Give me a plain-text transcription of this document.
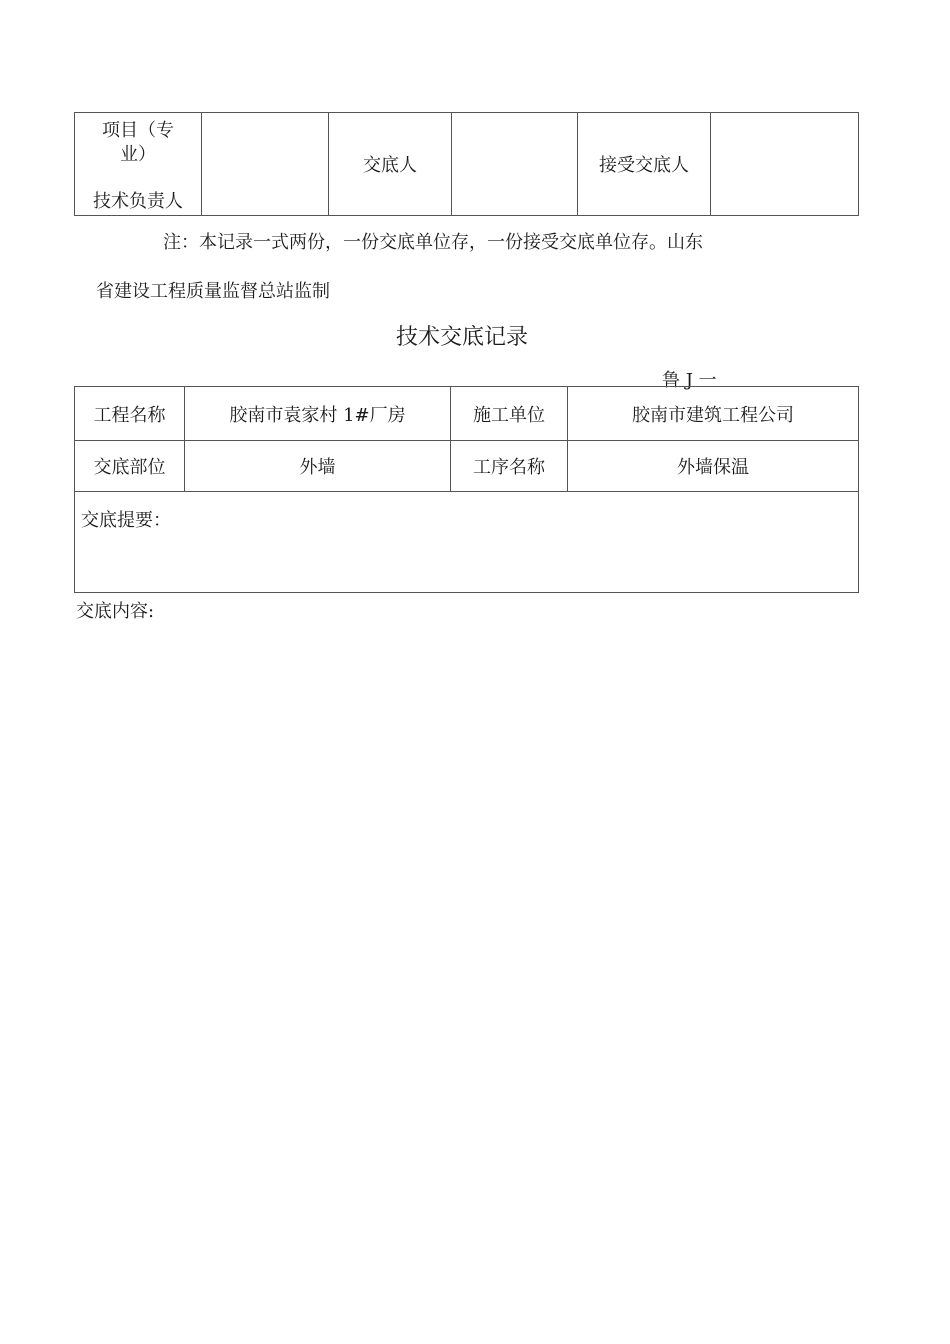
项目（专业）
技术负责人
		交底人		接受交底人	
注：本记录一式两份，一份交底单位存，一份接受交底单位存。山东
省建设工程质量监督总站监制
技术交底记录
鲁 J 一
工程名称	胶南市袁家村 1#厂房	施工单位	胶南市建筑工程公司
交底部位	外墙	工序名称	外墙保温

交底提要：			
交底内容:
